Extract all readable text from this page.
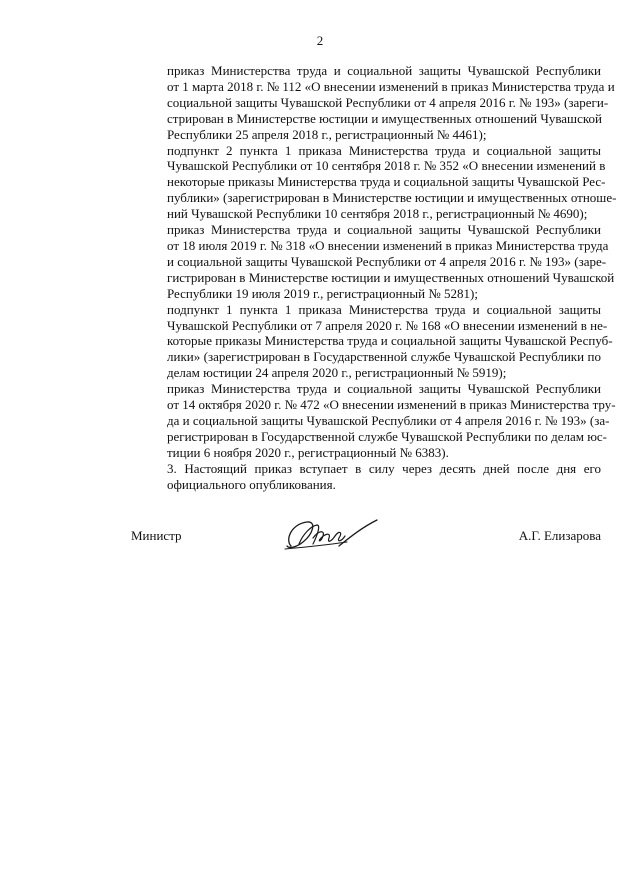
2

приказ Министерства труда и социальной защиты Чувашской Республики
от 1 марта 2018 г. № 112 «О внесении изменений в приказ Министерства труда и
социальной защиты Чувашской Республики от 4 апреля 2016 г. № 193» (зареги-
стрирован в Министерстве юстиции и имущественных отношений Чувашской
Республики 25 апреля 2018 г., регистрационный № 4461);

подпункт 2 пункта 1 приказа Министерства труда и социальной защиты
Чувашской Республики от 10 сентября 2018 г. № 352 «О внесении изменений в
некоторые приказы Министерства труда и социальной защиты Чувашской Рес-
публики» (зарегистрирован в Министерстве юстиции и имущественных отноше-
ний Чувашской Республики 10 сентября 2018 г., регистрационный № 4690);

приказ Министерства труда и социальной защиты Чувашской Республики
от 18 июля 2019 г. № 318 «О внесении изменений в приказ Министерства труда
и социальной защиты Чувашской Республики от 4 апреля 2016 г. № 193» (заре-
гистрирован в Министерстве юстиции и имущественных отношений Чувашской
Республики 19 июля 2019 г., регистрационный № 5281);

подпункт 1 пункта 1 приказа Министерства труда и социальной защиты
Чувашской Республики от 7 апреля 2020 г. № 168 «О внесении изменений в не-
которые приказы Министерства труда и социальной защиты Чувашской Респуб-
лики» (зарегистрирован в Государственной службе Чувашской Республики по
делам юстиции 24 апреля 2020 г., регистрационный № 5919);

приказ Министерства труда и социальной защиты Чувашской Республики
от 14 октября 2020 г. № 472 «О внесении изменений в приказ Министерства тру-
да и социальной защиты Чувашской Республики от 4 апреля 2016 г. № 193» (за-
регистрирован в Государственной службе Чувашской Республики по делам юс-
тиции 6 ноября 2020 г., регистрационный № 6383).

3. Настоящий приказ вступает в силу через десять дней после дня его
официального опубликования.

Министр	А.Г. Елизарова
